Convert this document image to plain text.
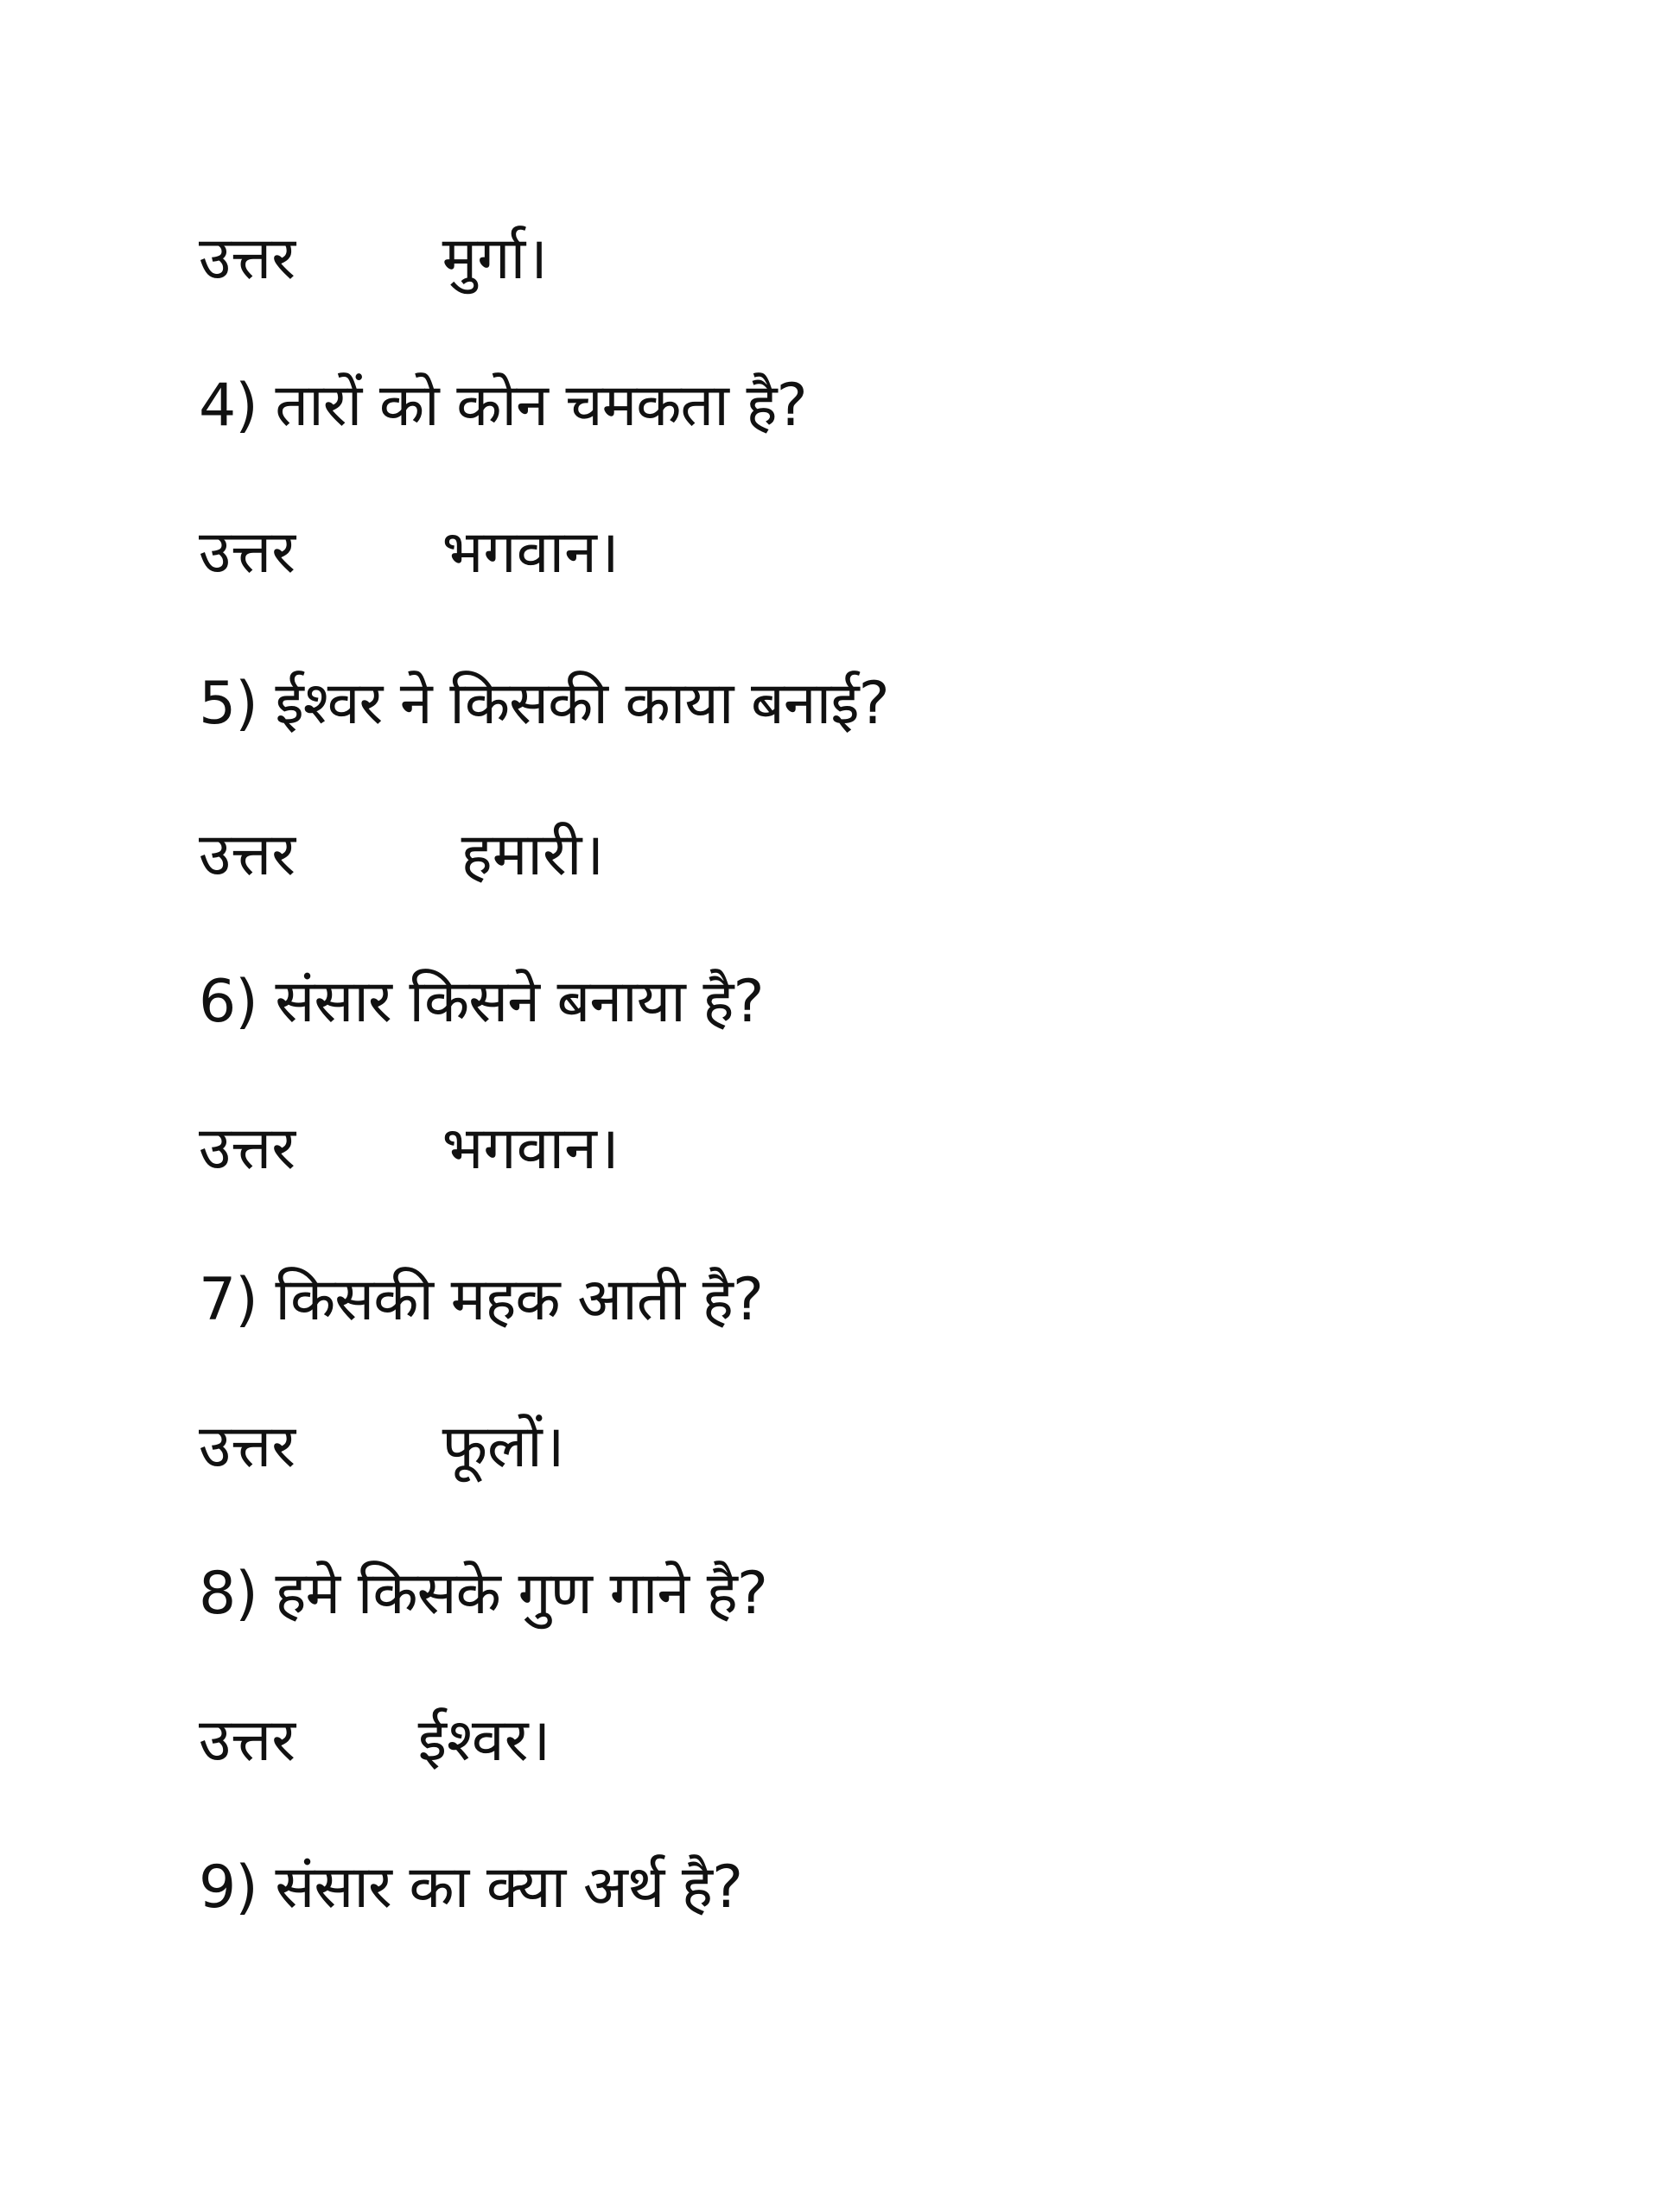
उत्तर मुर्गा।
4) तारों को कोन चमकता है?
उत्तर भगवान।
5) ईश्वर ने किसकी काया बनाई?
उत्तर	हमारी।
6) संसार किसने बनाया है?
उत्तर भगवान।
7) किसकी महक आती है?
उत्तर फूलों।
8) हमे किसके गुण गाने है?
उत्तर ईश्वर।
9) संसार का क्या अर्थ है?
